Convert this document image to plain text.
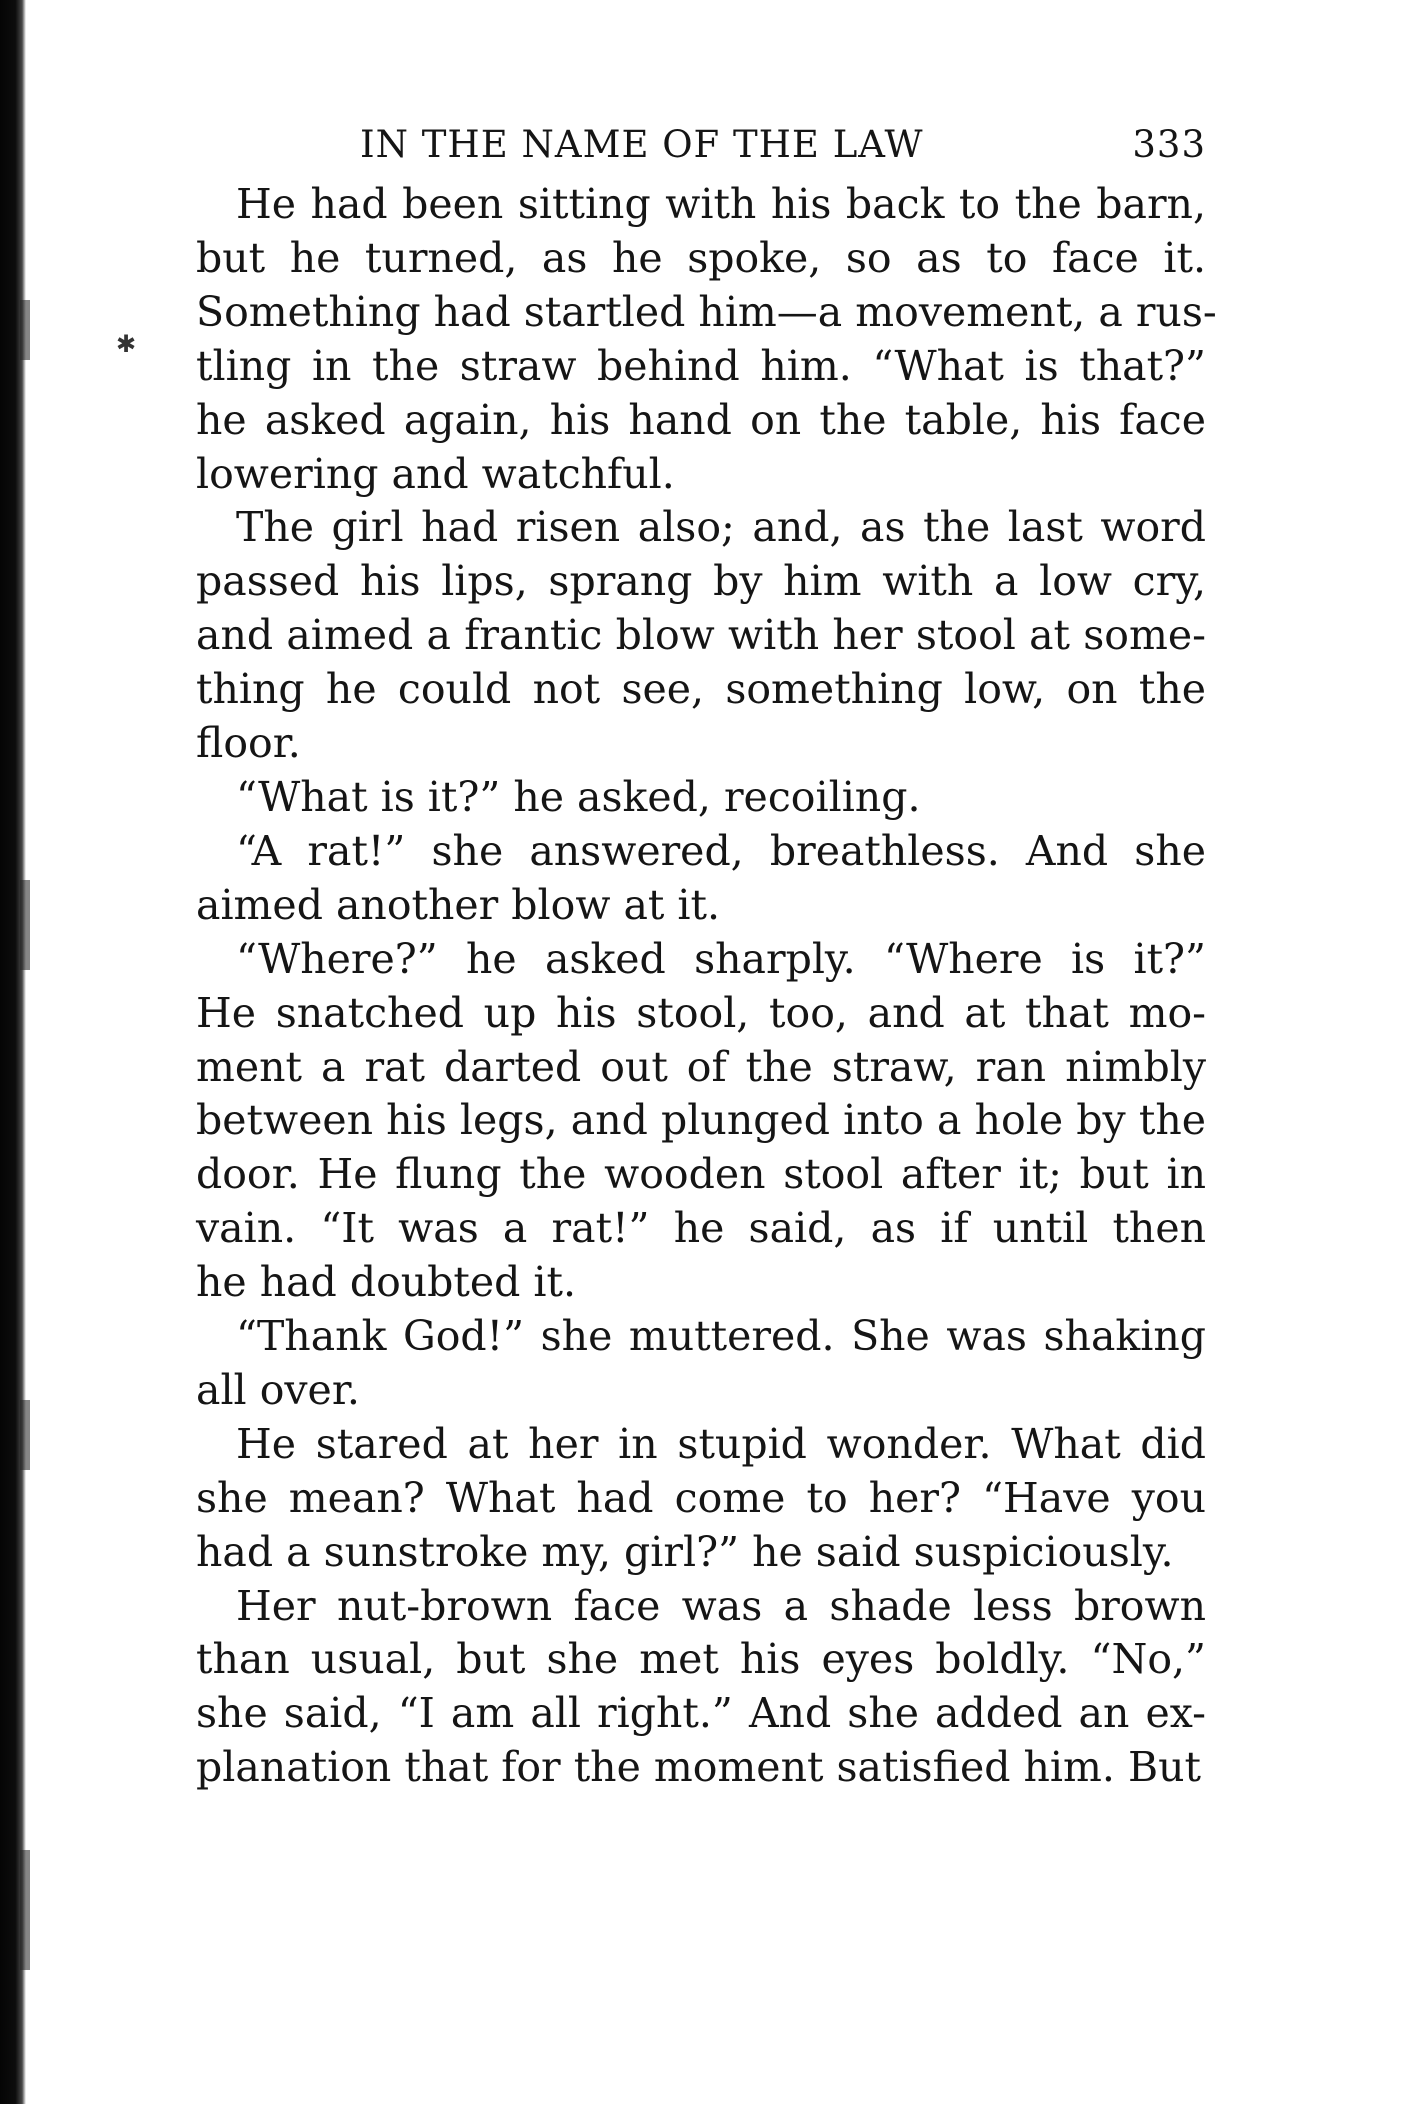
✱
IN THE NAME OF THE LAW	333
He had been sitting with his back to the barn,
but he turned, as he spoke, so as to face it.
Something had startled him—a movement, a rus-
tling in the straw behind him. “What is that?”
he asked again, his hand on the table, his face
lowering and watchful.
The girl had risen also; and, as the last word
passed his lips, sprang by him with a low cry,
and aimed a frantic blow with her stool at some-
thing he could not see, something low, on the
floor.
“What is it?” he asked, recoiling.
“A rat!” she answered, breathless. And she
aimed another blow at it.
“Where?” he asked sharply. “Where is it?”
He snatched up his stool, too, and at that mo-
ment a rat darted out of the straw, ran nimbly
between his legs, and plunged into a hole by the
door. He flung the wooden stool after it; but in
vain. “It was a rat!” he said, as if until then
he had doubted it.
“Thank God!” she muttered. She was shaking
all over.
He stared at her in stupid wonder. What did
she mean? What had come to her? “Have you
had a sunstroke my, girl?” he said suspiciously.
Her nut-brown face was a shade less brown
than usual, but she met his eyes boldly. “No,”
she said, “I am all right.” And she added an ex-
planation that for the moment satisfied him. But
